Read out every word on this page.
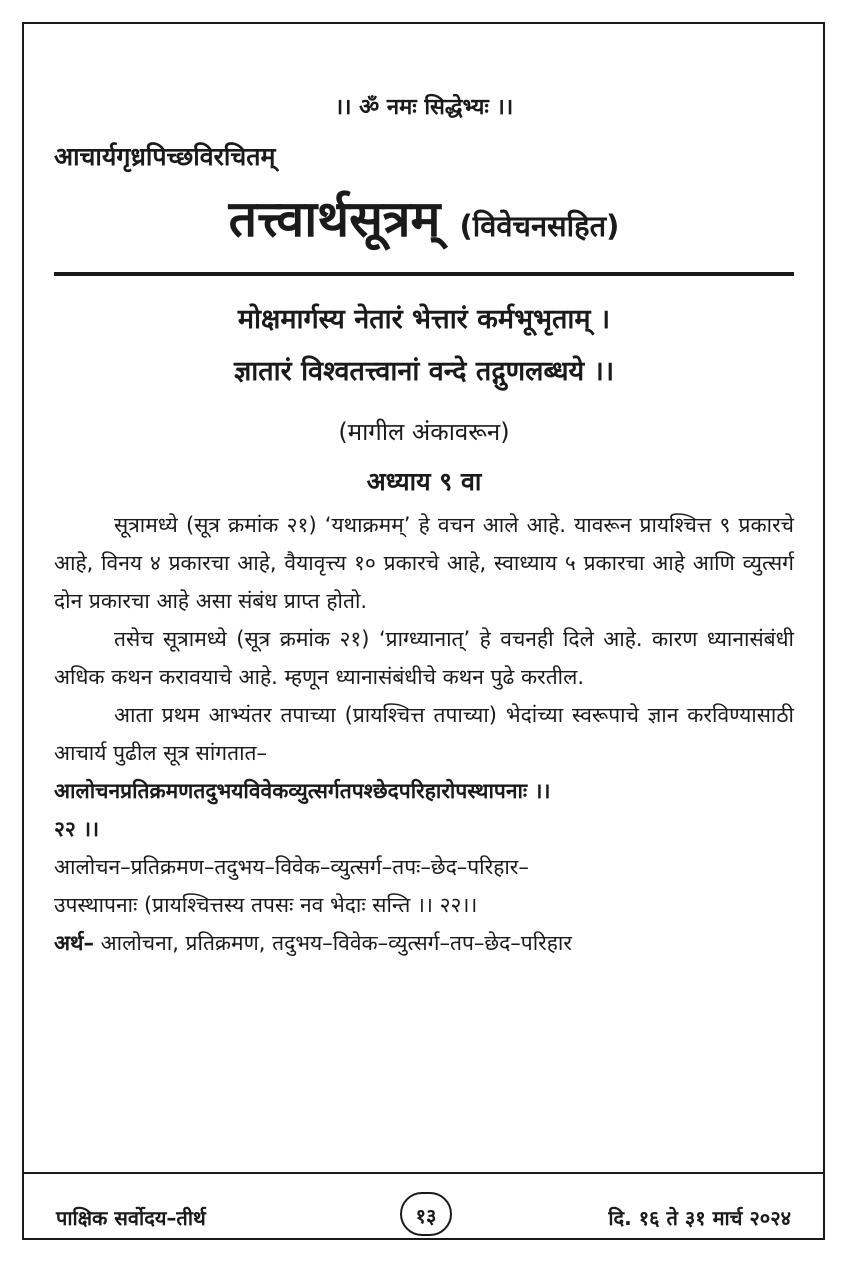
।। ॐ नमः सिद्धेभ्यः ।।
आचार्यगृध्रपिच्छविरचितम्
तत्त्वार्थसूत्रम् (विवेचनसहित)
मोक्षमार्गस्य नेतारं भेत्तारं कर्मभूभृताम् ।
ज्ञातारं विश्वतत्त्वानां वन्दे तद्गुणलब्धये ।।
(मागील अंकावरून)
अध्याय ९ वा

सूत्रामध्ये (सूत्र क्रमांक २१) ‘यथाक्रमम्’ हे वचन आले आहे. यावरून प्रायश्चित्त ९ प्रकारचे आहे, विनय ४ प्रकारचा आहे, वैयावृत्त्य १० प्रकारचे आहे, स्वाध्याय ५ प्रकारचा आहे आणि व्युत्सर्ग दोन प्रकारचा आहे असा संबंध प्राप्त होतो.

तसेच सूत्रामध्ये (सूत्र क्रमांक २१) ‘प्राग्ध्यानात्’ हे वचनही दिले आहे. कारण ध्यानासंबंधी अधिक कथन करावयाचे आहे. म्हणून ध्यानासंबंधीचे कथन पुढे करतील.

आता प्रथम आभ्यंतर तपाच्या (प्रायश्चित्त तपाच्या) भेदांच्या स्वरूपाचे ज्ञान करविण्यासाठी आचार्य पुढील सूत्र सांगतात–

आलोचनप्रतिक्रमणतदुभयविवेकव्युत्सर्गतपश्छेदपरिहारोपस्थापनाः ।।

२२ ।।

आलोचन–प्रतिक्रमण–तदुभय–विवेक–व्युत्सर्ग–तपः–छेद–परिहार–

उपस्थापनाः (प्रायश्चित्तस्य तपसः नव भेदाः सन्ति ।। २२।।

अर्थ– आलोचना, प्रतिक्रमण, तदुभय–विवेक–व्युत्सर्ग–तप–छेद–परिहार

पाक्षिक सर्वोदय–तीर्थ	१३	दि. १६ ते ३१ मार्च २०२४
